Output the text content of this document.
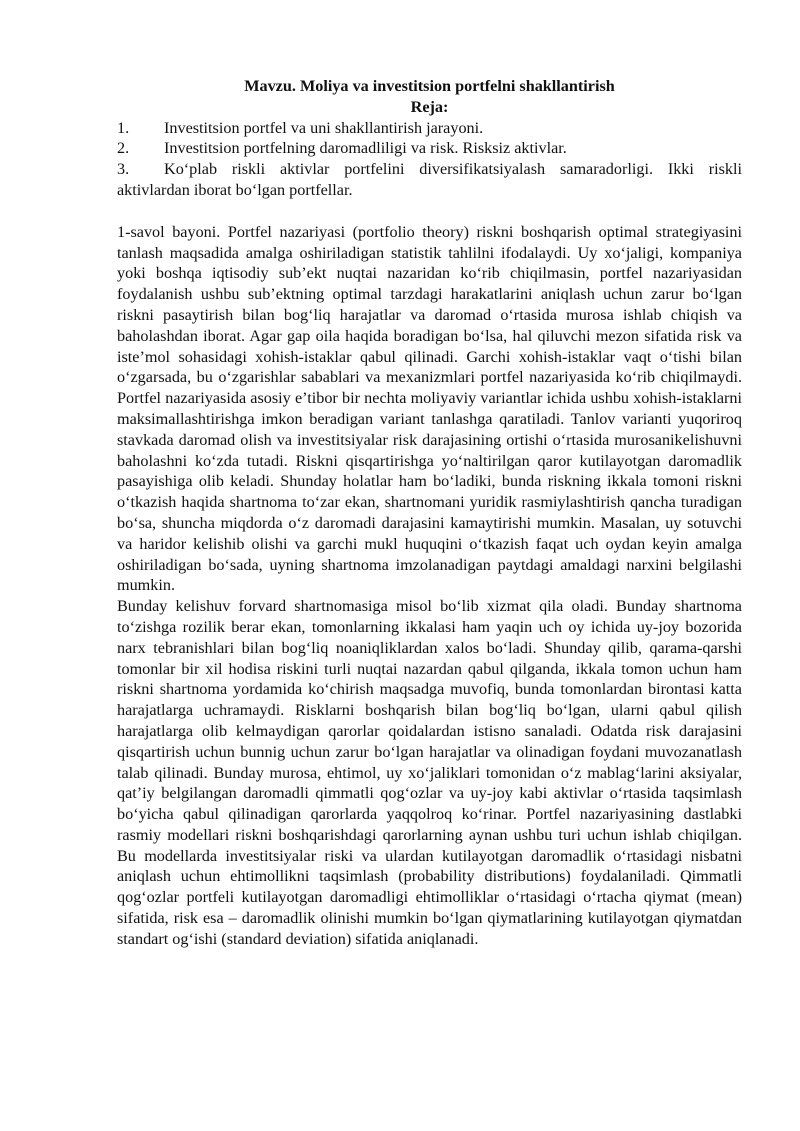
Mavzu. Moliya va investitsion portfelni shakllantirish

Reja:

1.	Investitsion portfel va uni shakllantirish jarayoni.
2.	Investitsion portfelning daromadliligi va risk. Risksiz aktivlar.
3. Ko‘plab riskli aktivlar portfelini diversifikatsiyalash samaradorligi. Ikki riskli aktivlardan iborat bo‘lgan portfellar.

1-savol bayoni. Portfel nazariyasi (portfolio theory) riskni boshqarish optimal strategiyasini tanlash maqsadida amalga oshiriladigan statistik tahlilni ifodalaydi. Uy xo‘jaligi, kompaniya yoki boshqa iqtisodiy sub’ekt nuqtai nazaridan ko‘rib chiqilmasin, portfel nazariyasidan foydalanish ushbu sub’ektning optimal tarzdagi harakatlarini aniqlash uchun zarur bo‘lgan riskni pasaytirish bilan bog‘liq harajatlar va daromad o‘rtasida murosa ishlab chiqish va baholashdan iborat. Agar gap oila haqida boradigan bo‘lsa, hal qiluvchi mezon sifatida risk va iste’mol sohasidagi xohish-istaklar qabul qilinadi. Garchi xohish-istaklar vaqt o‘tishi bilan o‘zgarsada, bu o‘zgarishlar sabablari va mexanizmlari portfel nazariyasida ko‘rib chiqilmaydi. Portfel nazariyasida asosiy e’tibor bir nechta moliyaviy variantlar ichida ushbu xohish-istaklarni maksimallashtirishga imkon beradigan variant tanlashga qaratiladi. Tanlov varianti yuqoriroq stavkada daromad olish va investitsiyalar risk darajasining ortishi o‘rtasida murosanikelishuvni baholashni ko‘zda tutadi. Riskni qisqartirishga yo‘naltirilgan qaror kutilayotgan daromadlik pasayishiga olib keladi. Shunday holatlar ham bo‘ladiki, bunda riskning ikkala tomoni riskni o‘tkazish haqida shartnoma to‘zar ekan, shartnomani yuridik rasmiylashtirish qancha turadigan bo‘sa, shuncha miqdorda o‘z daromadi darajasini kamaytirishi mumkin. Masalan, uy sotuvchi va haridor kelishib olishi va garchi mukl huquqini o‘tkazish faqat uch oydan keyin amalga oshiriladigan bo‘sada, uyning shartnoma imzolanadigan paytdagi amaldagi narxini belgilashi mumkin.

Bunday kelishuv forvard shartnomasiga misol bo‘lib xizmat qila oladi. Bunday shartnoma to‘zishga rozilik berar ekan, tomonlarning ikkalasi ham yaqin uch oy ichida uy-joy bozorida narx tebranishlari bilan bog‘liq noaniqliklardan xalos bo‘ladi. Shunday qilib, qarama-qarshi tomonlar bir xil hodisa riskini turli nuqtai nazardan qabul qilganda, ikkala tomon uchun ham riskni shartnoma yordamida ko‘chirish maqsadga muvofiq, bunda tomonlardan birontasi katta harajatlarga uchramaydi. Risklarni boshqarish bilan bog‘liq bo‘lgan, ularni qabul qilish harajatlarga olib kelmaydigan qarorlar qoidalardan istisno sanaladi. Odatda risk darajasini qisqartirish uchun bunnig uchun zarur bo‘lgan harajatlar va olinadigan foydani muvozanatlash talab qilinadi. Bunday murosa, ehtimol, uy xo‘jaliklari tomonidan o‘z mablag‘larini aksiyalar, qat’iy belgilangan daromadli qimmatli qog‘ozlar va uy-joy kabi aktivlar o‘rtasida taqsimlash bo‘yicha qabul qilinadigan qarorlarda yaqqolroq ko‘rinar. Portfel nazariyasining dastlabki rasmiy modellari riskni boshqarishdagi qarorlarning aynan ushbu turi uchun ishlab chiqilgan. Bu modellarda investitsiyalar riski va ulardan kutilayotgan daromadlik o‘rtasidagi nisbatni aniqlash uchun ehtimollikni taqsimlash (probability distributions) foydalaniladi. Qimmatli qog‘ozlar portfeli kutilayotgan daromadligi ehtimolliklar o‘rtasidagi o‘rtacha qiymat (mean) sifatida, risk esa – daromadlik olinishi mumkin bo‘lgan qiymatlarining kutilayotgan qiymatdan standart og‘ishi (standard deviation) sifatida aniqlanadi.
